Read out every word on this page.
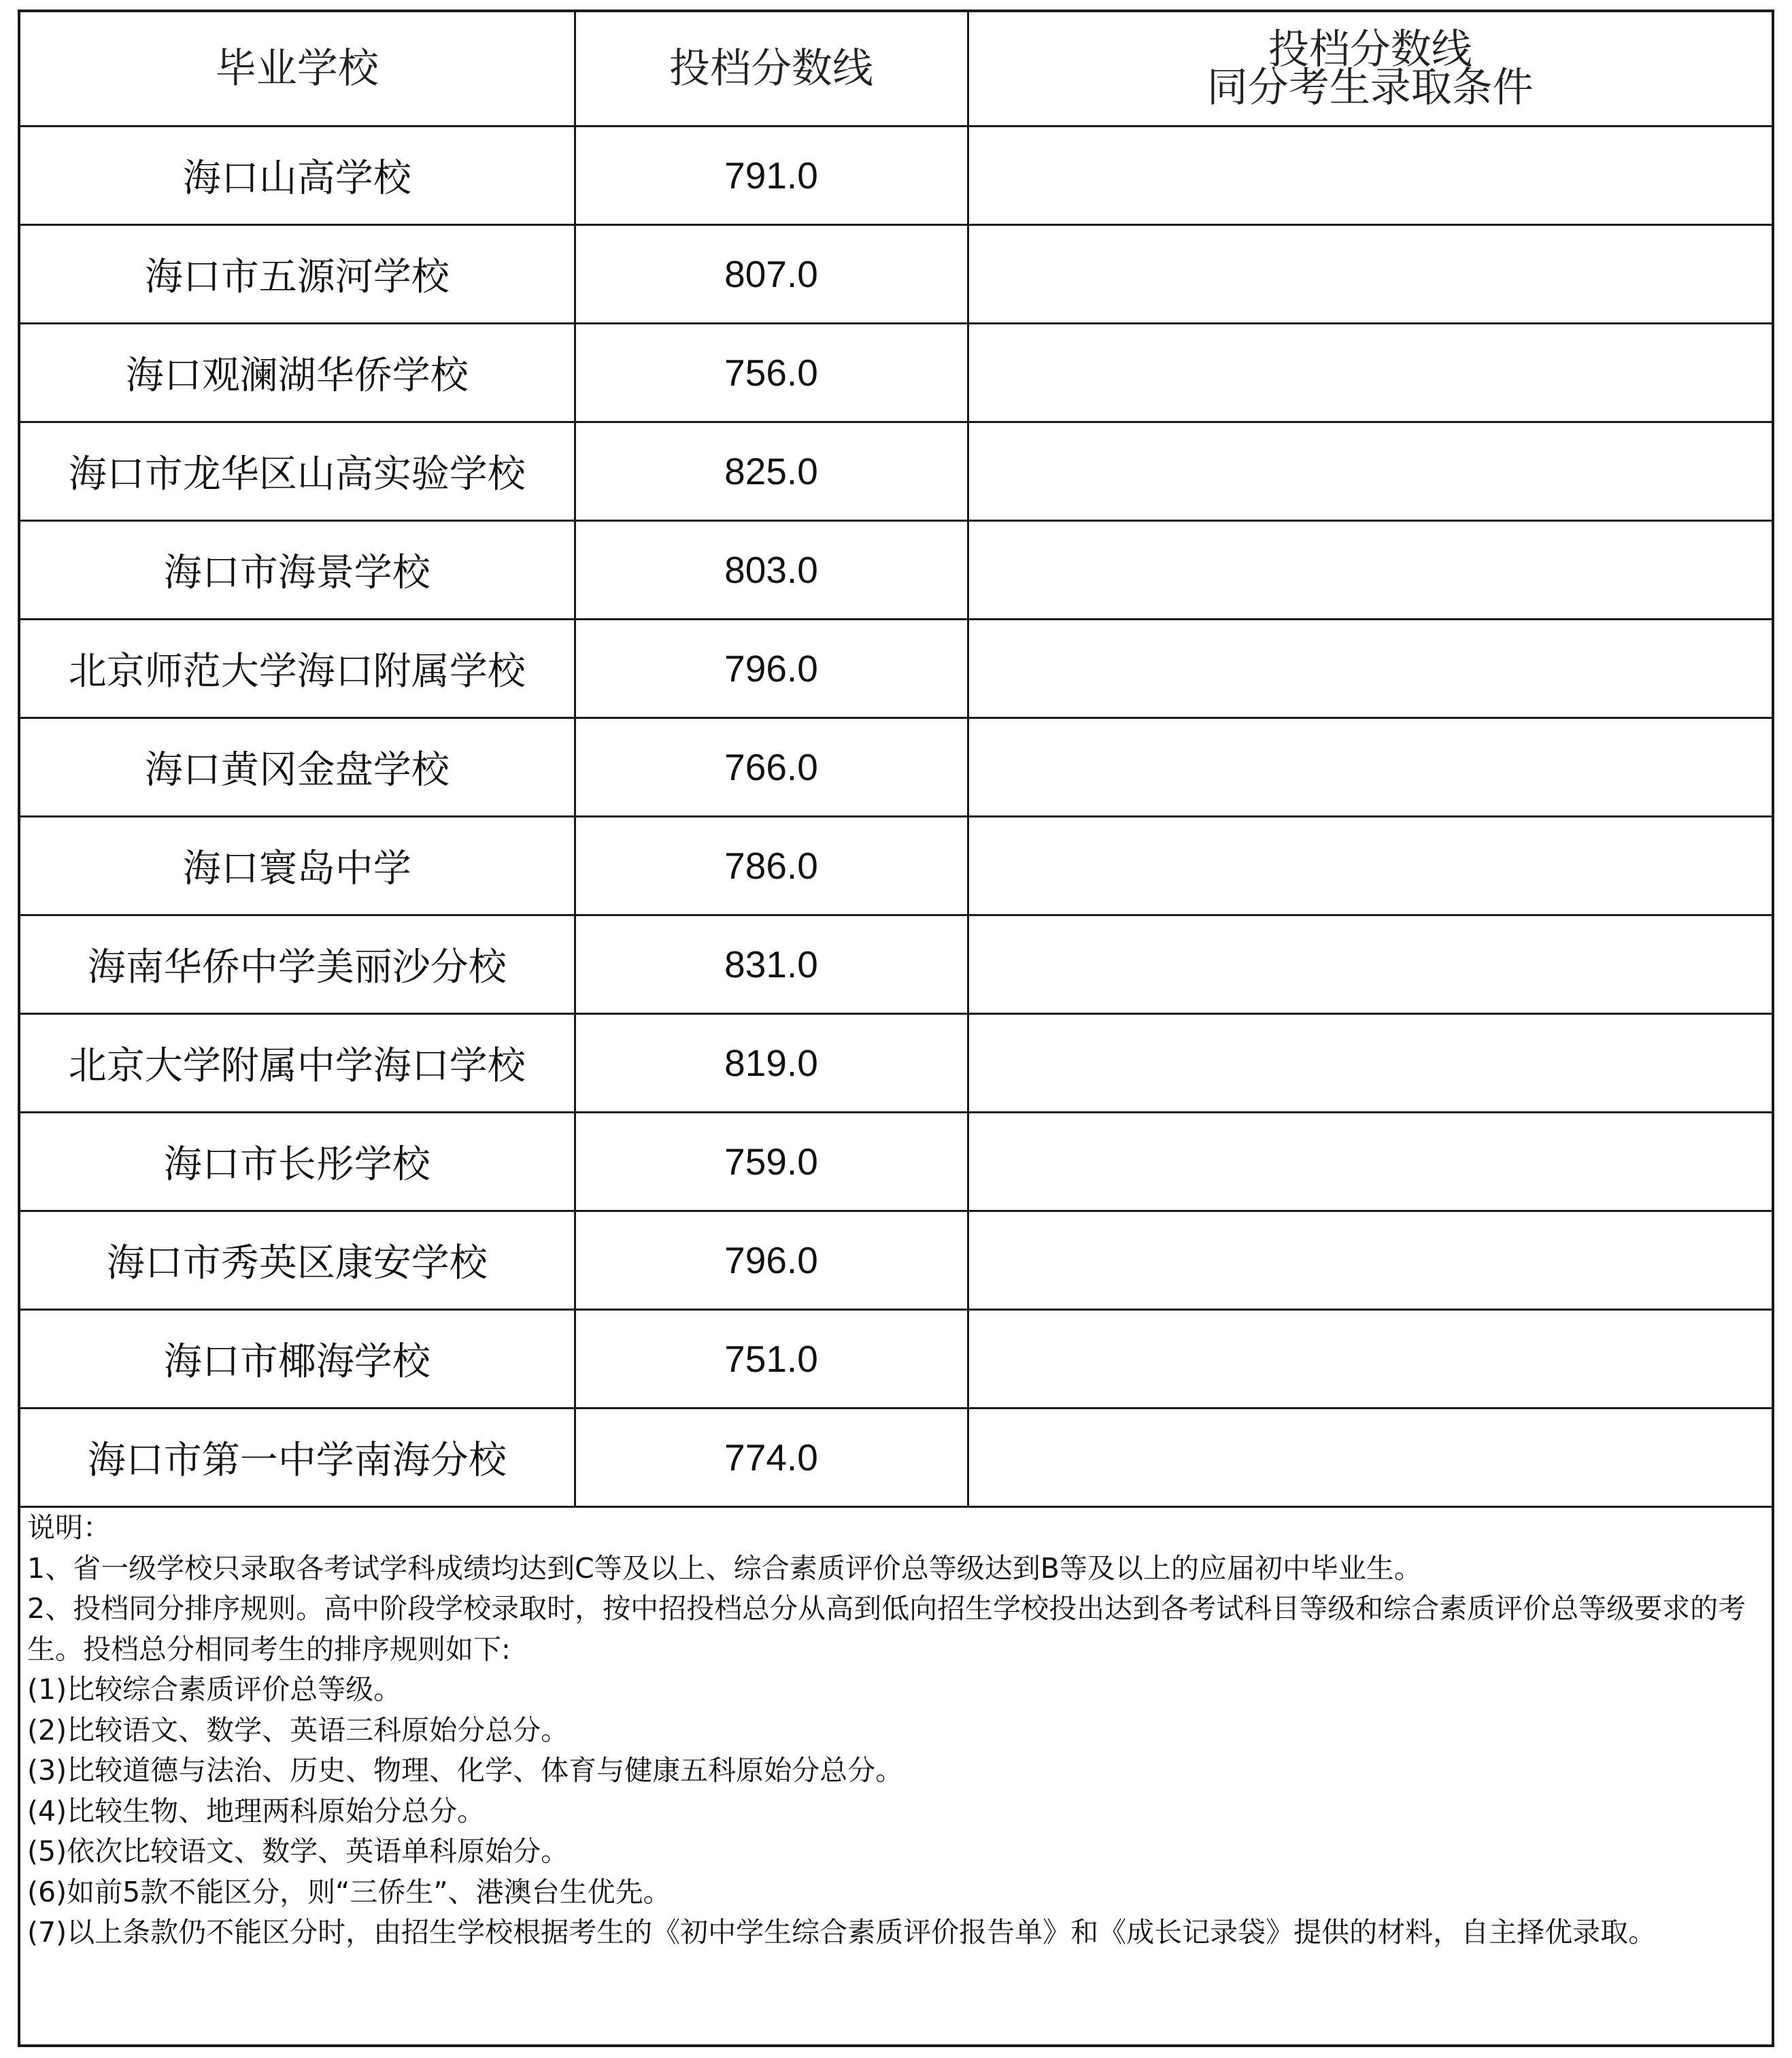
毕业学校	投档分数线	投档分数线
同分考生录取条件

海口山高学校	791.0	
海口市五源河学校	807.0	
海口观澜湖华侨学校	756.0	
海口市龙华区山高实验学校	825.0	
海口市海景学校	803.0	
北京师范大学海口附属学校	796.0	
海口黄冈金盘学校	766.0	
海口寰岛中学	786.0	
海南华侨中学美丽沙分校	831.0	
北京大学附属中学海口学校	819.0	
海口市长彤学校	759.0	
海口市秀英区康安学校	796.0	
海口市椰海学校	751.0	
海口市第一中学南海分校	774.0	
说明：
1、省一级学校只录取各考试学科成绩均达到C等及以上、综合素质评价总等级达到B等及以上的应届初中毕业生。
2、投档同分排序规则。高中阶段学校录取时，按中招投档总分从高到低向招生学校投出达到各考试科目等级和综合素质评价总等级要求的考生。投档总分相同考生的排序规则如下:
(1)比较综合素质评价总等级。
(2)比较语文、数学、英语三科原始分总分。
(3)比较道德与法治、历史、物理、化学、体育与健康五科原始分总分。
(4)比较生物、地理两科原始分总分。
(5)依次比较语文、数学、英语单科原始分。
(6)如前5款不能区分，则“三侨生”、港澳台生优先。
(7)以上条款仍不能区分时，由招生学校根据考生的《初中学生综合素质评价报告单》和《成长记录袋》提供的材料，自主择优录取。
